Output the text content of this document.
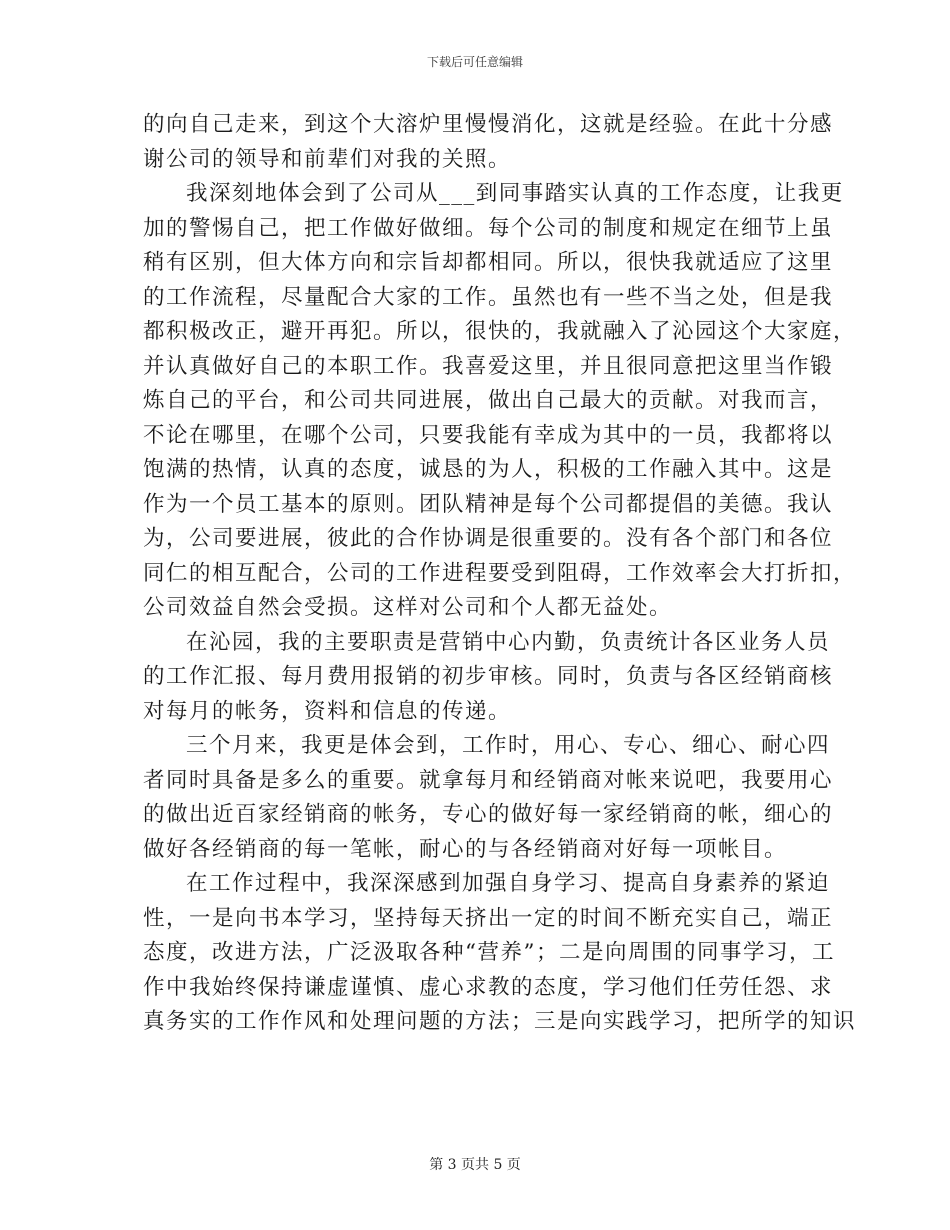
下载后可任意编辑
的向自己走来，到这个大溶炉里慢慢消化，这就是经验。在此十分感
谢公司的领导和前辈们对我的关照。
我深刻地体会到了公司从___到同事踏实认真的工作态度，让我更
加的警惕自己，把工作做好做细。每个公司的制度和规定在细节上虽
稍有区别，但大体方向和宗旨却都相同。所以，很快我就适应了这里
的工作流程，尽量配合大家的工作。虽然也有一些不当之处，但是我
都积极改正，避开再犯。所以，很快的，我就融入了沁园这个大家庭，
并认真做好自己的本职工作。我喜爱这里，并且很同意把这里当作锻
炼自己的平台，和公司共同进展，做出自己最大的贡献。对我而言，
不论在哪里，在哪个公司，只要我能有幸成为其中的一员，我都将以
饱满的热情，认真的态度，诚恳的为人，积极的工作融入其中。这是
作为一个员工基本的原则。团队精神是每个公司都提倡的美德。我认
为，公司要进展，彼此的合作协调是很重要的。没有各个部门和各位
同仁的相互配合，公司的工作进程要受到阻碍，工作效率会大打折扣，
公司效益自然会受损。这样对公司和个人都无益处。
在沁园，我的主要职责是营销中心内勤，负责统计各区业务人员
的工作汇报、每月费用报销的初步审核。同时，负责与各区经销商核
对每月的帐务，资料和信息的传递。
三个月来，我更是体会到，工作时，用心、专心、细心、耐心四
者同时具备是多么的重要。就拿每月和经销商对帐来说吧，我要用心
的做出近百家经销商的帐务，专心的做好每一家经销商的帐，细心的
做好各经销商的每一笔帐，耐心的与各经销商对好每一项帐目。
在工作过程中，我深深感到加强自身学习、提高自身素养的紧迫
性，一是向书本学习，坚持每天挤出一定的时间不断充实自己，端正
态度，改进方法，广泛汲取各种“营养”；二是向周围的同事学习，工
作中我始终保持谦虚谨慎、虚心求教的态度，学习他们任劳任怨、求
真务实的工作作风和处理问题的方法；三是向实践学习，把所学的知识
第 3 页共 5 页
